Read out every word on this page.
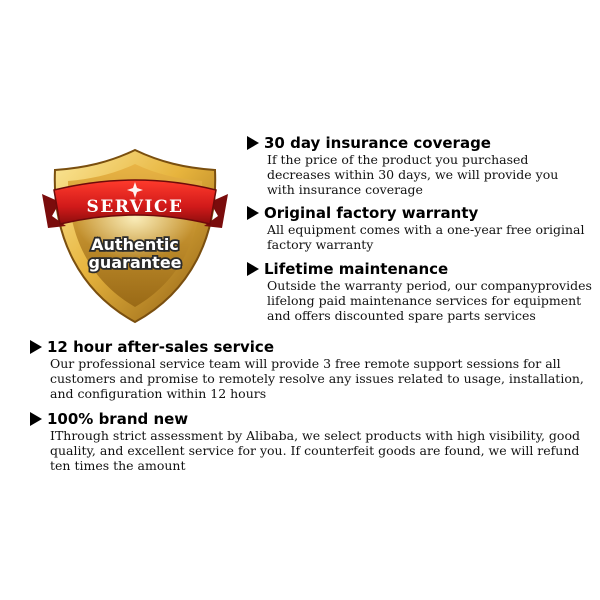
SERVICE
Authentic
guarantee
30 day insurance coverage
If the price of the product you purchased decreases within 30 days, we will provide you with insurance coverage
Original factory warranty
All equipment comes with a one-year free original factory warranty
Lifetime maintenance
Outside the warranty period, our companyprovides lifelong paid maintenance services for equipment and offers discounted spare parts services
12 hour after-sales service
Our professional service team will provide 3 free remote support sessions for all customers and promise to remotely resolve any issues related to usage, installation, and configuration within 12 hours
100% brand new
IThrough strict assessment by Alibaba, we select products with high visibility, good quality, and excellent service for you. If counterfeit goods are found, we will refund ten times the amount
